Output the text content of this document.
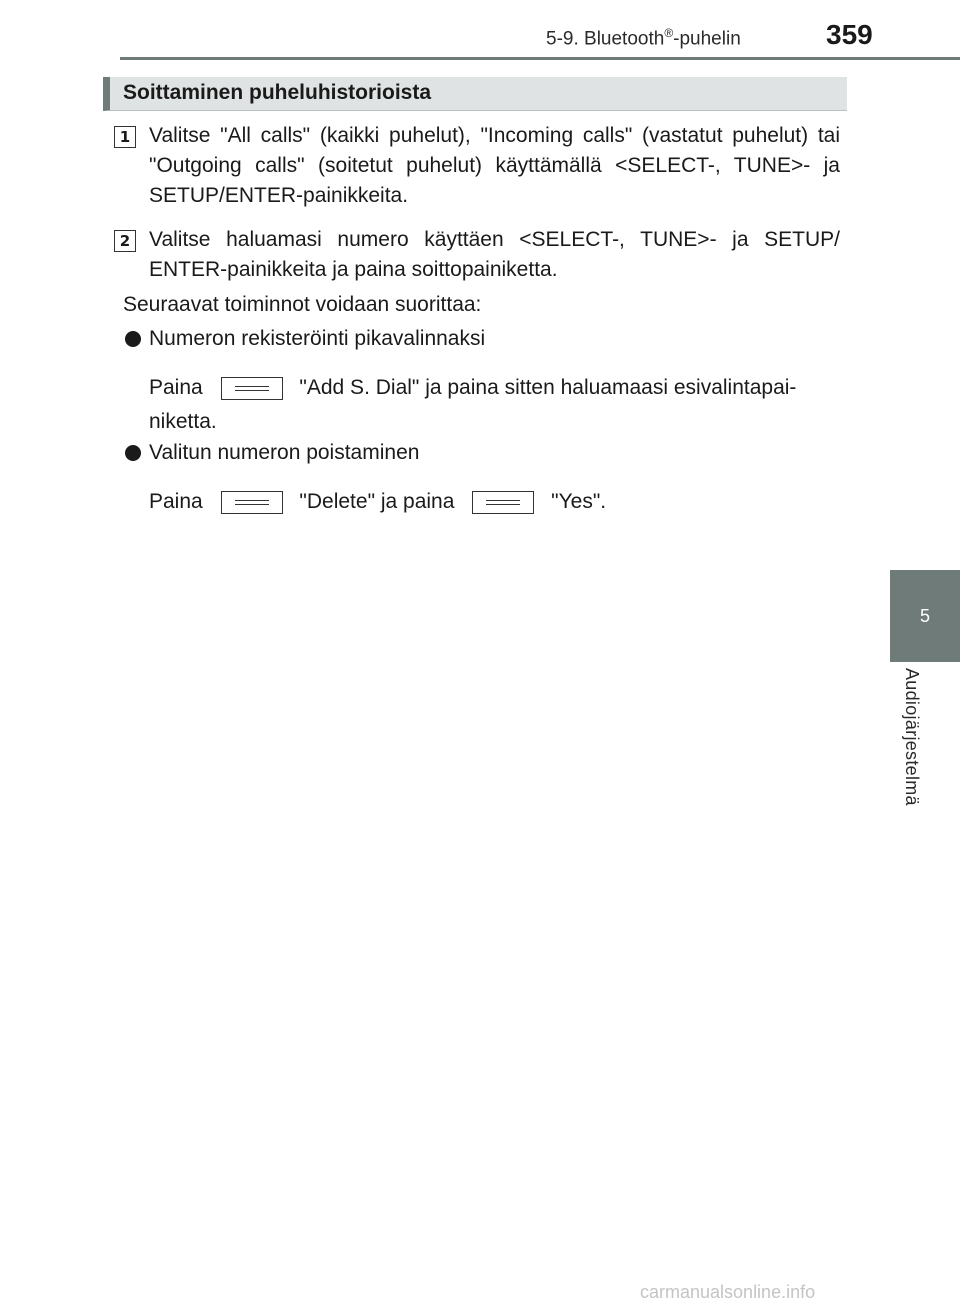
5-9. Bluetooth®-puhelin	359
5
Audiojärjestelmä
Soittaminen puheluhistorioista
1 Valitse "All calls" (kaikki puhelut), "Incoming calls" (vastatut puhelut) tai "Outgoing calls" (soitetut puhelut) käyttämällä <SELECT-, TUNE>- ja SETUP/ENTER-painikkeita.
2 Valitse haluamasi numero käyttäen <SELECT-, TUNE>- ja SETUP/ ENTER-painikkeita ja paina soittopainiketta.
Seuraavat toiminnot voidaan suorittaa:
Numeron rekisteröinti pikavalinnaksi
Paina	"Add S. Dial" ja paina sitten haluamaasi esivalintapai-
niketta.
Valitun numeron poistaminen
Paina	"Delete" ja paina	"Yes".
carmanualsonline.info
